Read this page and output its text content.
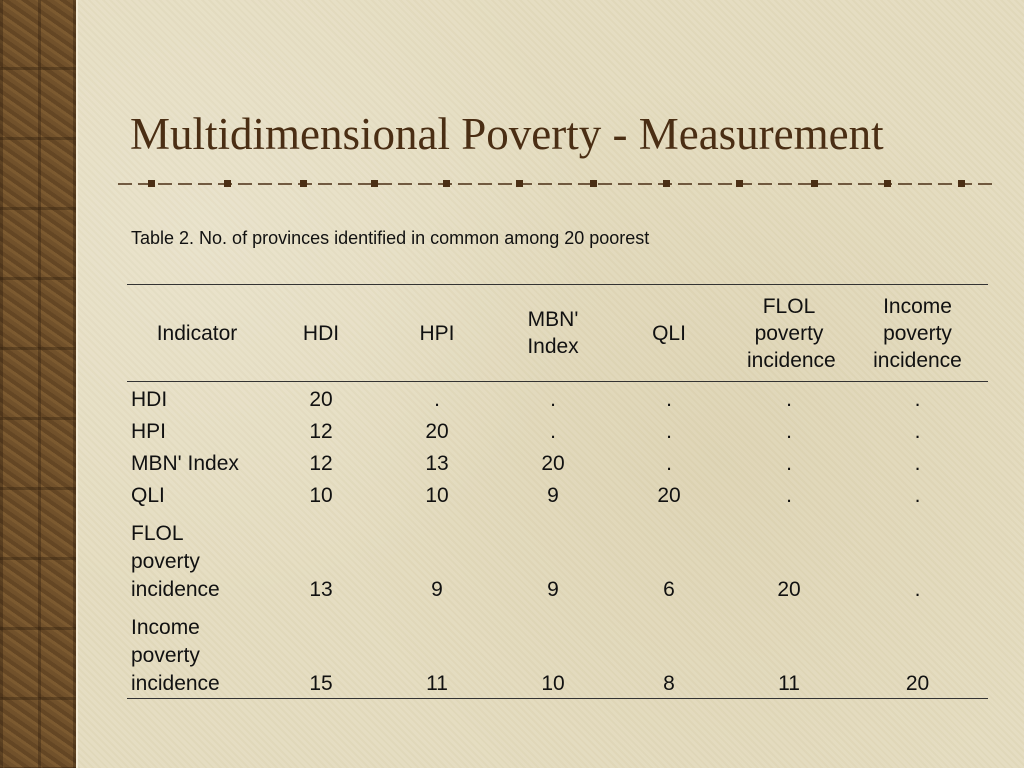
Multidimensional Poverty - Measurement
Table 2. No. of provinces identified in common among 20 poorest
Indicator	HDI	HPI	MBN' Index	QLI	FLOL poverty incidence	Income poverty incidence

HDI	20	.	.	.	.	.
HPI	12	20	.	.	.	.
MBN' Index	12	13	20	.	.	.
QLI	10	10	9	20	.	.
FLOL poverty incidence	13	9	9	6	20	.
Income poverty incidence	15	11	10	8	11	20
